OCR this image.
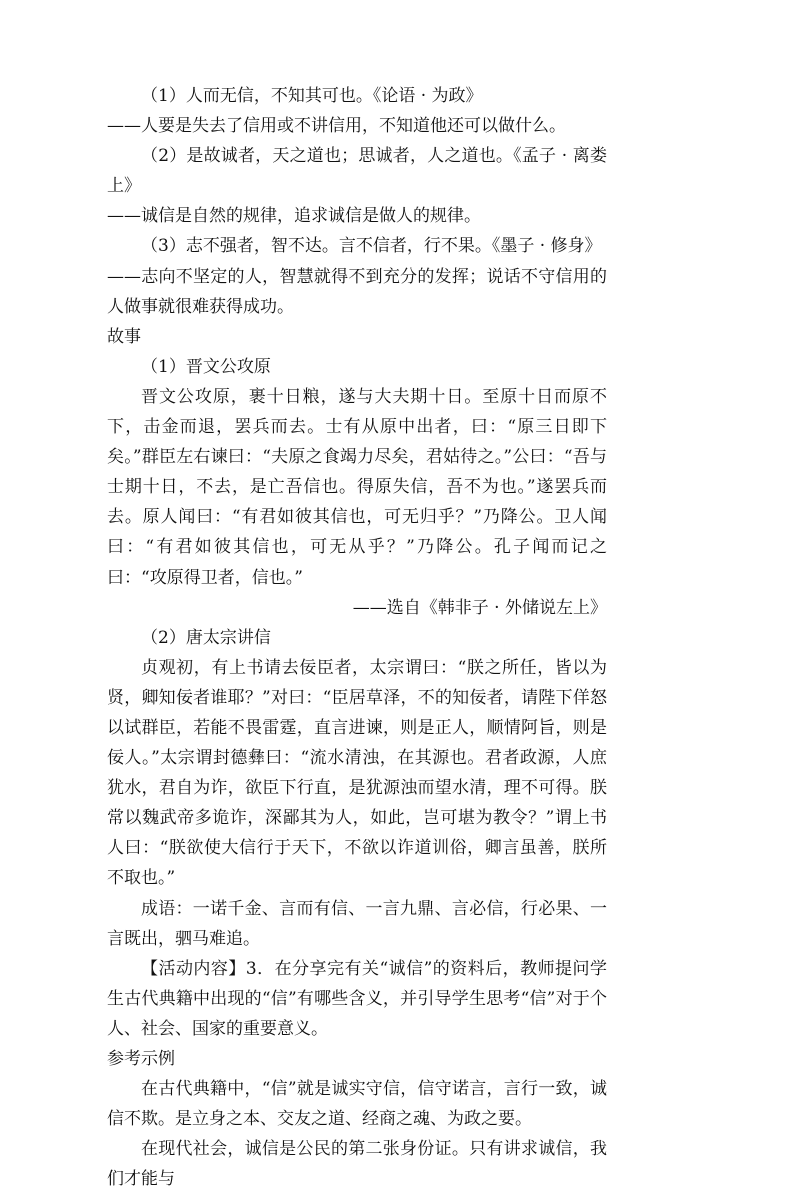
（1）人而无信，不知其可也。《论语 · 为政》
——人要是失去了信用或不讲信用，不知道他还可以做什么。
（2）是故诚者，天之道也；思诚者，人之道也。《孟子 · 离娄上》
——诚信是自然的规律，追求诚信是做人的规律。
（3）志不强者，智不达。言不信者，行不果。《墨子 · 修身》
——志向不坚定的人，智慧就得不到充分的发挥；说话不守信用的人做事就很难获得成功。
故事
（1）晋文公攻原
晋文公攻原，裹十日粮，遂与大夫期十日。至原十日而原不下，击金而退，罢兵而去。士有从原中出者，曰：“原三日即下矣。”群臣左右谏曰：“夫原之食竭力尽矣，君姑待之。”公曰：“吾与士期十日，不去，是亡吾信也。得原失信，吾不为也。”遂罢兵而去。原人闻曰：“有君如彼其信也，可无归乎？”乃降公。卫人闻曰：“有君如彼其信也，可无从乎？”乃降公。孔子闻而记之曰：“攻原得卫者，信也。”
——选自《韩非子 · 外储说左上》
（2）唐太宗讲信
贞观初，有上书请去佞臣者，太宗谓曰：“朕之所任，皆以为贤，卿知佞者谁耶？”对曰：“臣居草泽，不的知佞者，请陛下佯怒以试群臣，若能不畏雷霆，直言进谏，则是正人，顺情阿旨，则是佞人。”太宗谓封德彝曰：“流水清浊，在其源也。君者政源，人庶犹水，君自为诈，欲臣下行直，是犹源浊而望水清，理不可得。朕常以魏武帝多诡诈，深鄙其为人，如此，岂可堪为教令？”谓上书人曰：“朕欲使大信行于天下，不欲以诈道训俗，卿言虽善，朕所不取也。”
成语：一诺千金、言而有信、一言九鼎、言必信，行必果、一言既出，驷马难追。
【活动内容】3．在分享完有关“诚信”的资料后，教师提问学生古代典籍中出现的“信”有哪些含义，并引导学生思考“信”对于个人、社会、国家的重要意义。
参考示例
在古代典籍中，“信”就是诚实守信，信守诺言，言行一致，诚信不欺。是立身之本、交友之道、经商之魂、为政之要。
在现代社会，诚信是公民的第二张身份证。只有讲求诚信，我们才能与
